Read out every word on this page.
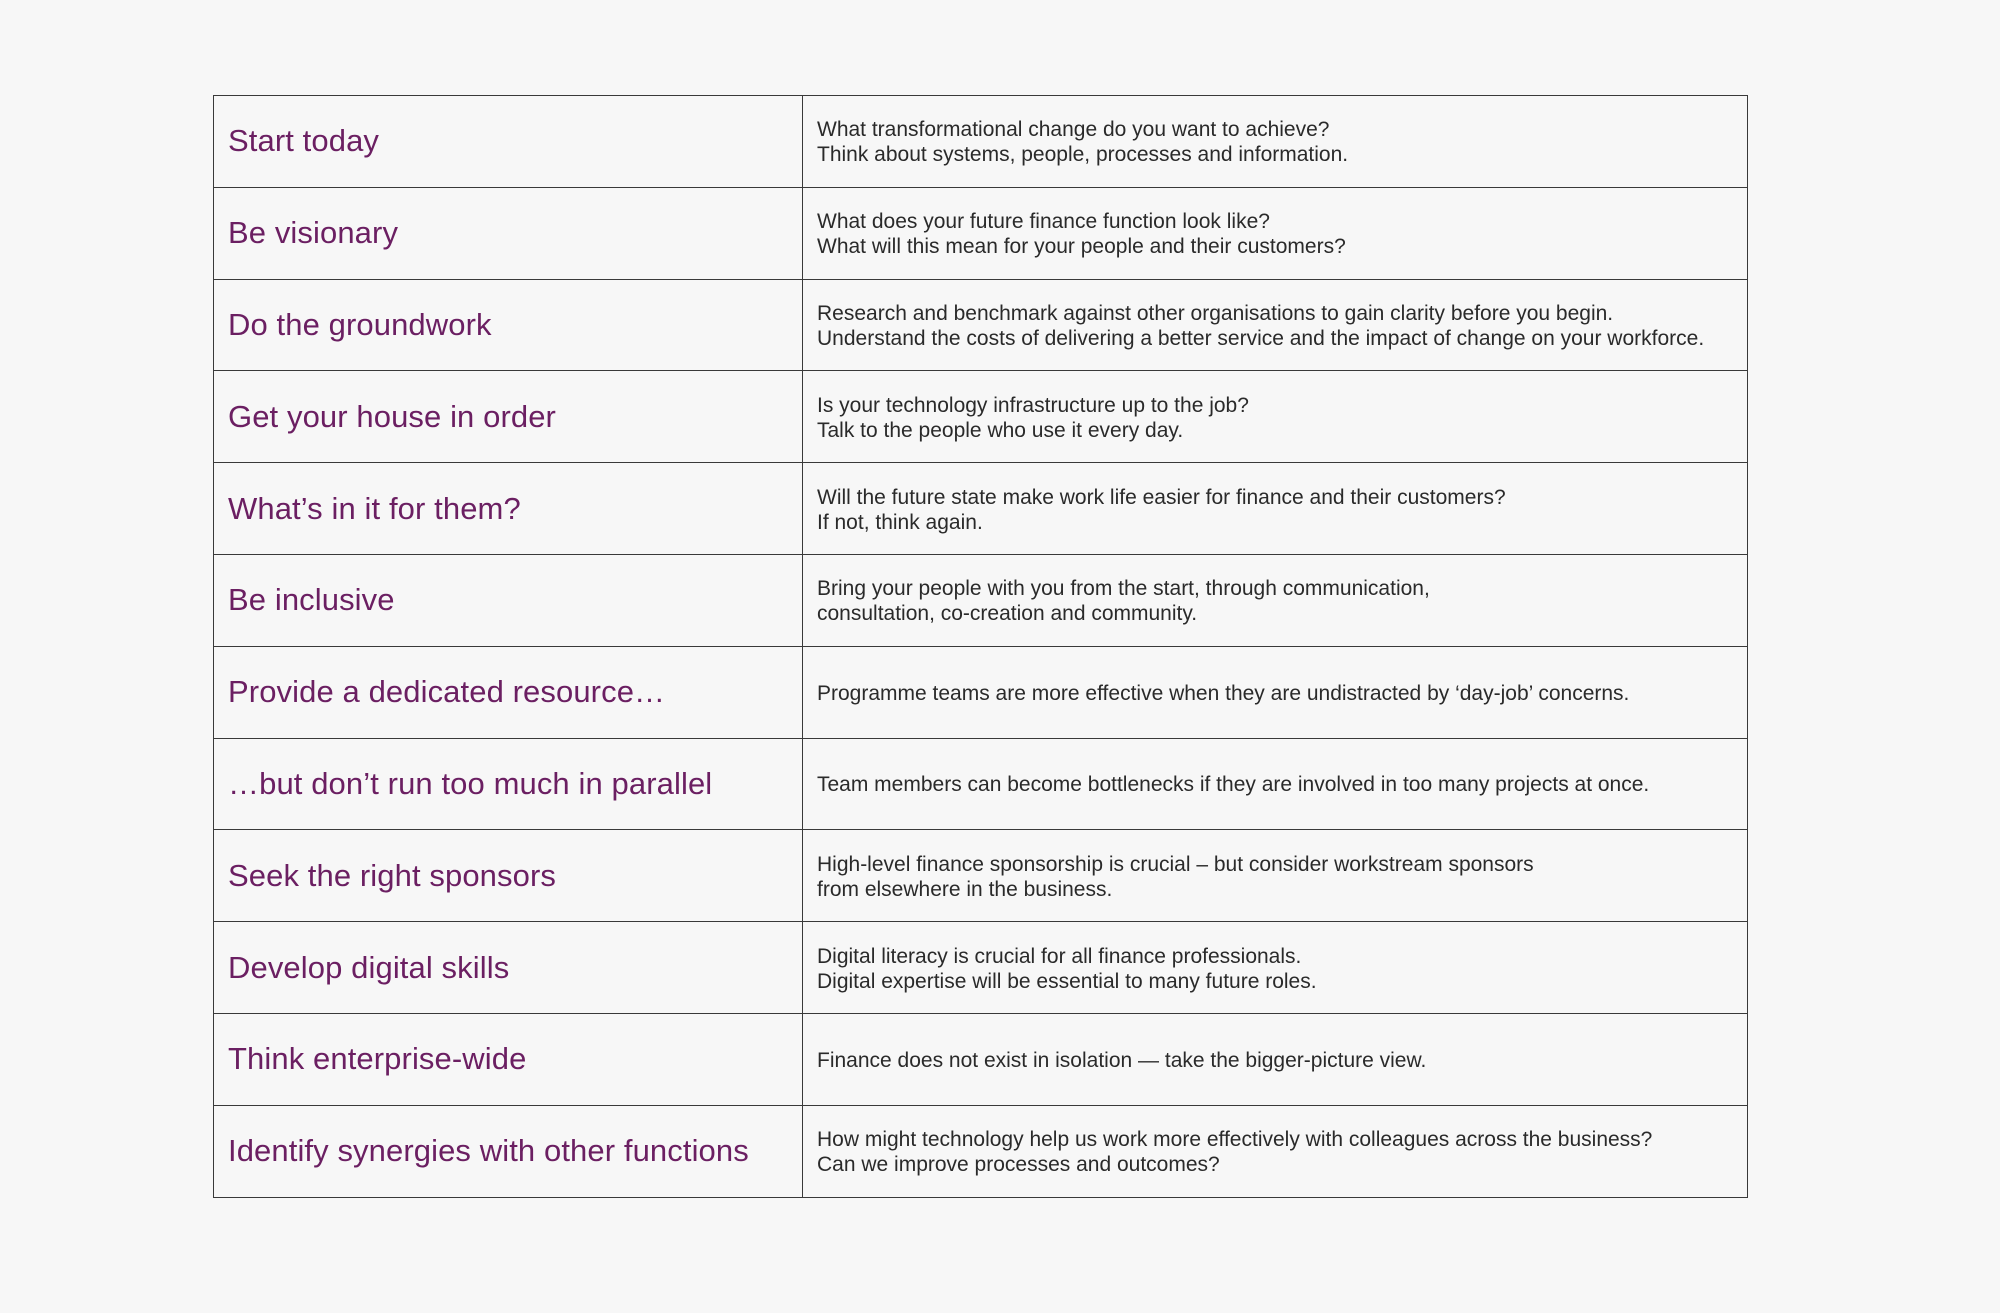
Start today	What transformational change do you want to achieve?
Think about systems, people, processes and information.

Be visionary	What does your future finance function look like?
What will this mean for your people and their customers?

Do the groundwork	Research and benchmark against other organisations to gain clarity before you begin.
Understand the costs of delivering a better service and the impact of change on your workforce.

Get your house in order	Is your technology infrastructure up to the job?
Talk to the people who use it every day.

What’s in it for them?	Will the future state make work life easier for finance and their customers?
If not, think again.

Be inclusive	Bring your people with you from the start, through communication,
consultation, co-creation and community.

Provide a dedicated resource…	Programme teams are more effective when they are undistracted by ‘day-job’ concerns.

…but don’t run too much in parallel	Team members can become bottlenecks if they are involved in too many projects at once.

Seek the right sponsors	High-level finance sponsorship is crucial – but consider workstream sponsors
from elsewhere in the business.

Develop digital skills	Digital literacy is crucial for all finance professionals.
Digital expertise will be essential to many future roles.

Think enterprise-wide	Finance does not exist in isolation — take the bigger-picture view.

Identify synergies with other functions	How might technology help us work more effectively with colleagues across the business?
Can we improve processes and outcomes?
